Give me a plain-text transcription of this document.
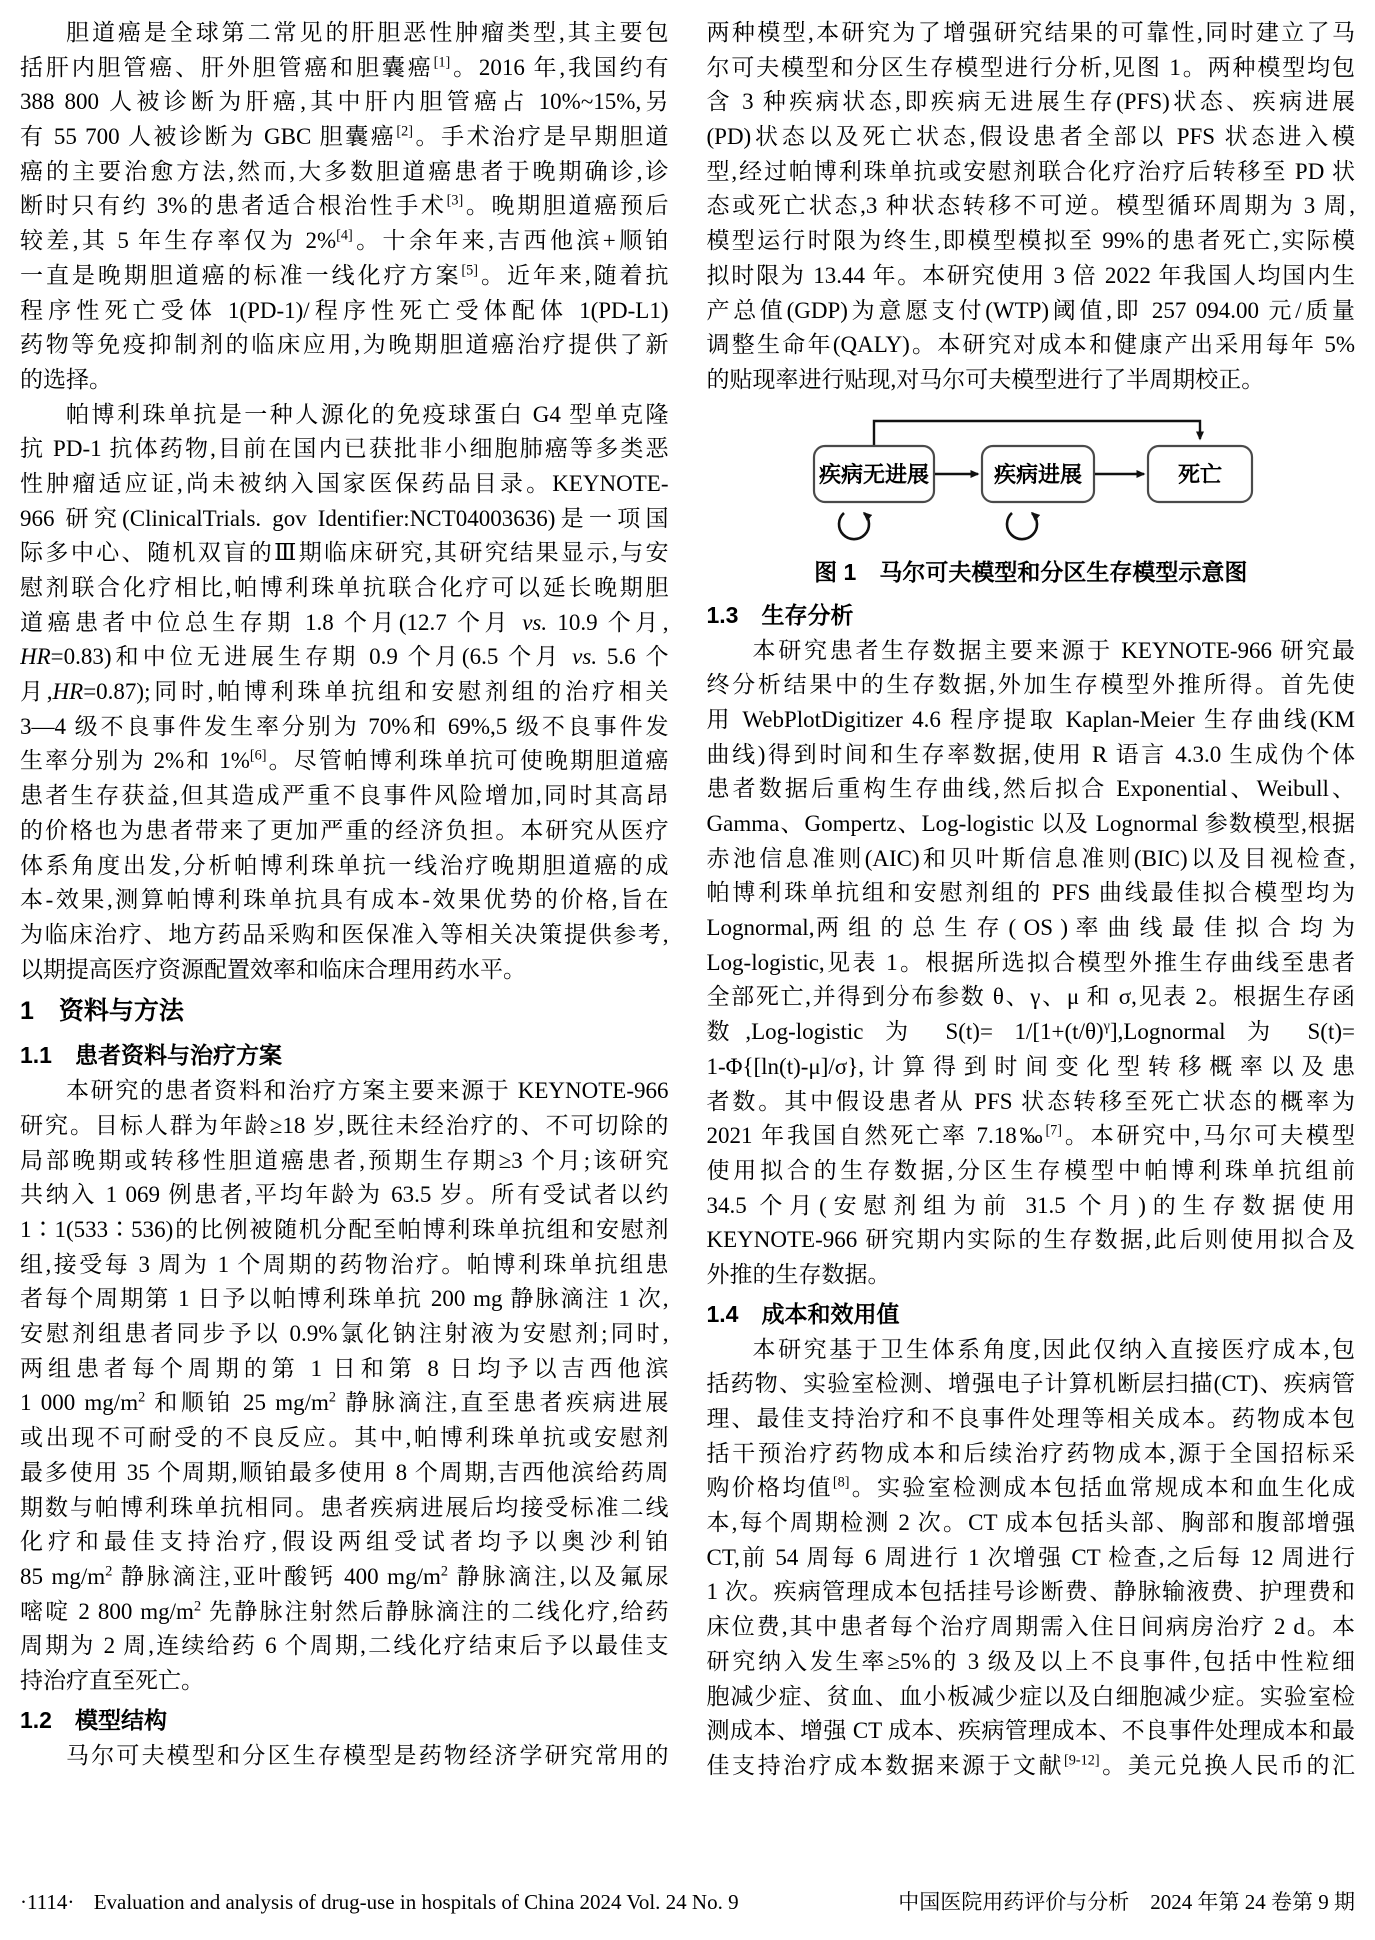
胆道癌是全球第二常见的肝胆恶性肿瘤类型,其主要包
括肝内胆管癌、肝外胆管癌和胆囊癌[1]。2016 年,我国约有
388 800 人被诊断为肝癌,其中肝内胆管癌占 10%~15%,另
有 55 700 人被诊断为 GBC 胆囊癌[2]。手术治疗是早期胆道
癌的主要治愈方法,然而,大多数胆道癌患者于晚期确诊,诊
断时只有约 3%的患者适合根治性手术[3]。晚期胆道癌预后
较差,其 5 年生存率仅为 2%[4]。十余年来,吉西他滨+顺铂
一直是晚期胆道癌的标准一线化疗方案[5]。近年来,随着抗
程序性死亡受体 1(PD-1)/程序性死亡受体配体 1(PD-L1)
药物等免疫抑制剂的临床应用,为晚期胆道癌治疗提供了新
的选择。
帕博利珠单抗是一种人源化的免疫球蛋白 G4 型单克隆
抗 PD-1 抗体药物,目前在国内已获批非小细胞肺癌等多类恶
性肿瘤适应证,尚未被纳入国家医保药品目录。KEYNOTE-
966 研究(ClinicalTrials. gov Identifier:NCT04003636)是一项国
际多中心、随机双盲的Ⅲ期临床研究,其研究结果显示,与安
慰剂联合化疗相比,帕博利珠单抗联合化疗可以延长晚期胆
道癌患者中位总生存期 1.8 个月(12.7 个月 vs. 10.9 个月,
HR=0.83)和中位无进展生存期 0.9 个月(6.5 个月 vs. 5.6 个
月,HR=0.87);同时,帕博利珠单抗组和安慰剂组的治疗相关
3—4 级不良事件发生率分别为 70%和 69%,5 级不良事件发
生率分别为 2%和 1%[6]。尽管帕博利珠单抗可使晚期胆道癌
患者生存获益,但其造成严重不良事件风险增加,同时其高昂
的价格也为患者带来了更加严重的经济负担。本研究从医疗
体系角度出发,分析帕博利珠单抗一线治疗晚期胆道癌的成
本-效果,测算帕博利珠单抗具有成本-效果优势的价格,旨在
为临床治疗、地方药品采购和医保准入等相关决策提供参考,
以期提高医疗资源配置效率和临床合理用药水平。
1 资料与方法
1.1 患者资料与治疗方案
本研究的患者资料和治疗方案主要来源于 KEYNOTE-966
研究。目标人群为年龄≥18 岁,既往未经治疗的、不可切除的
局部晚期或转移性胆道癌患者,预期生存期≥3 个月;该研究
共纳入 1 069 例患者,平均年龄为 63.5 岁。所有受试者以约
1∶1(533∶536)的比例被随机分配至帕博利珠单抗组和安慰剂
组,接受每 3 周为 1 个周期的药物治疗。帕博利珠单抗组患
者每个周期第 1 日予以帕博利珠单抗 200 mg 静脉滴注 1 次,
安慰剂组患者同步予以 0.9%氯化钠注射液为安慰剂;同时,
两组患者每个周期的第 1 日和第 8 日均予以吉西他滨
1 000 $mg/m^2$ 和顺铂 25 $mg/m^2$ 静脉滴注,直至患者疾病进展
或出现不可耐受的不良反应。其中,帕博利珠单抗或安慰剂
最多使用 35 个周期,顺铂最多使用 8 个周期,吉西他滨给药周
期数与帕博利珠单抗相同。患者疾病进展后均接受标准二线
化疗和最佳支持治疗,假设两组受试者均予以奥沙利铂
85 $mg/m^2$ 静脉滴注,亚叶酸钙 400 $mg/m^2$ 静脉滴注,以及氟尿
嘧啶 2 800 $mg/m^2$ 先静脉注射然后静脉滴注的二线化疗,给药
周期为 2 周,连续给药 6 个周期,二线化疗结束后予以最佳支
持治疗直至死亡。
1.2 模型结构
马尔可夫模型和分区生存模型是药物经济学研究常用的
两种模型,本研究为了增强研究结果的可靠性,同时建立了马
尔可夫模型和分区生存模型进行分析,见图 1。两种模型均包
含 3 种疾病状态,即疾病无进展生存(PFS)状态、疾病进展
(PD)状态以及死亡状态,假设患者全部以 PFS 状态进入模
型,经过帕博利珠单抗或安慰剂联合化疗治疗后转移至 PD 状
态或死亡状态,3 种状态转移不可逆。模型循环周期为 3 周,
模型运行时限为终生,即模型模拟至 99%的患者死亡,实际模
拟时限为 13.44 年。本研究使用 3 倍 2022 年我国人均国内生
产总值(GDP)为意愿支付(WTP)阈值,即 257 094.00 元/质量
调整生命年(QALY)。本研究对成本和健康产出采用每年 5%
的贴现率进行贴现,对马尔可夫模型进行了半周期校正。
疾病无进展	疾病进展	死亡
图 1 马尔可夫模型和分区生存模型示意图
1.3 生存分析
本研究患者生存数据主要来源于 KEYNOTE-966 研究最
终分析结果中的生存数据,外加生存模型外推所得。首先使
用 WebPlotDigitizer 4.6 程序提取 Kaplan-Meier 生存曲线(KM
曲线)得到时间和生存率数据,使用 R 语言 4.3.0 生成伪个体
患者数据后重构生存曲线,然后拟合 Exponential、Weibull、
Gamma、Gompertz、Log-logistic 以及 Lognormal 参数模型,根据
赤池信息准则(AIC)和贝叶斯信息准则(BIC)以及目视检查,
帕博利珠单抗组和安慰剂组的 PFS 曲线最佳拟合模型均为
Lognormal,两 组 的 总 生 存 ( OS ) 率 曲 线 最 佳 拟 合 均 为
Log-logistic,见表 1。根据所选拟合模型外推生存曲线至患者
全部死亡,并得到分布参数 θ、γ、μ 和 σ,见表 2。根据生存函
数,Log-logistic 为 $S(t)= 1/[1+(t/\theta)^\gamma],Lognormal$ 为 S(t)=
1-Φ{[ln(t)-μ]/σ},计算得到时间变化型转移概率以及患
者数。其中假设患者从 PFS 状态转移至死亡状态的概率为
2021 年我国自然死亡率 7.18‰[7]。本研究中,马尔可夫模型
使用拟合的生存数据,分区生存模型中帕博利珠单抗组前
34.5 个月(安慰剂组为前 31.5 个月)的生存数据使用
KEYNOTE-966 研究期内实际的生存数据,此后则使用拟合及
外推的生存数据。
1.4 成本和效用值
本研究基于卫生体系角度,因此仅纳入直接医疗成本,包
括药物、实验室检测、增强电子计算机断层扫描(CT)、疾病管
理、最佳支持治疗和不良事件处理等相关成本。药物成本包
括干预治疗药物成本和后续治疗药物成本,源于全国招标采
购价格均值[8]。实验室检测成本包括血常规成本和血生化成
本,每个周期检测 2 次。CT 成本包括头部、胸部和腹部增强
CT,前 54 周每 6 周进行 1 次增强 CT 检查,之后每 12 周进行
1 次。疾病管理成本包括挂号诊断费、静脉输液费、护理费和
床位费,其中患者每个治疗周期需入住日间病房治疗 2 d。本
研究纳入发生率≥5%的 3 级及以上不良事件,包括中性粒细
胞减少症、贫血、血小板减少症以及白细胞减少症。实验室检
测成本、增强 CT 成本、疾病管理成本、不良事件处理成本和最
佳支持治疗成本数据来源于文献[9-12]。美元兑换人民币的汇
·1114· Evaluation and analysis of drug-use in hospitals of China 2024 Vol. 24 No. 9	中国医院用药评价与分析 2024 年第 24 卷第 9 期
